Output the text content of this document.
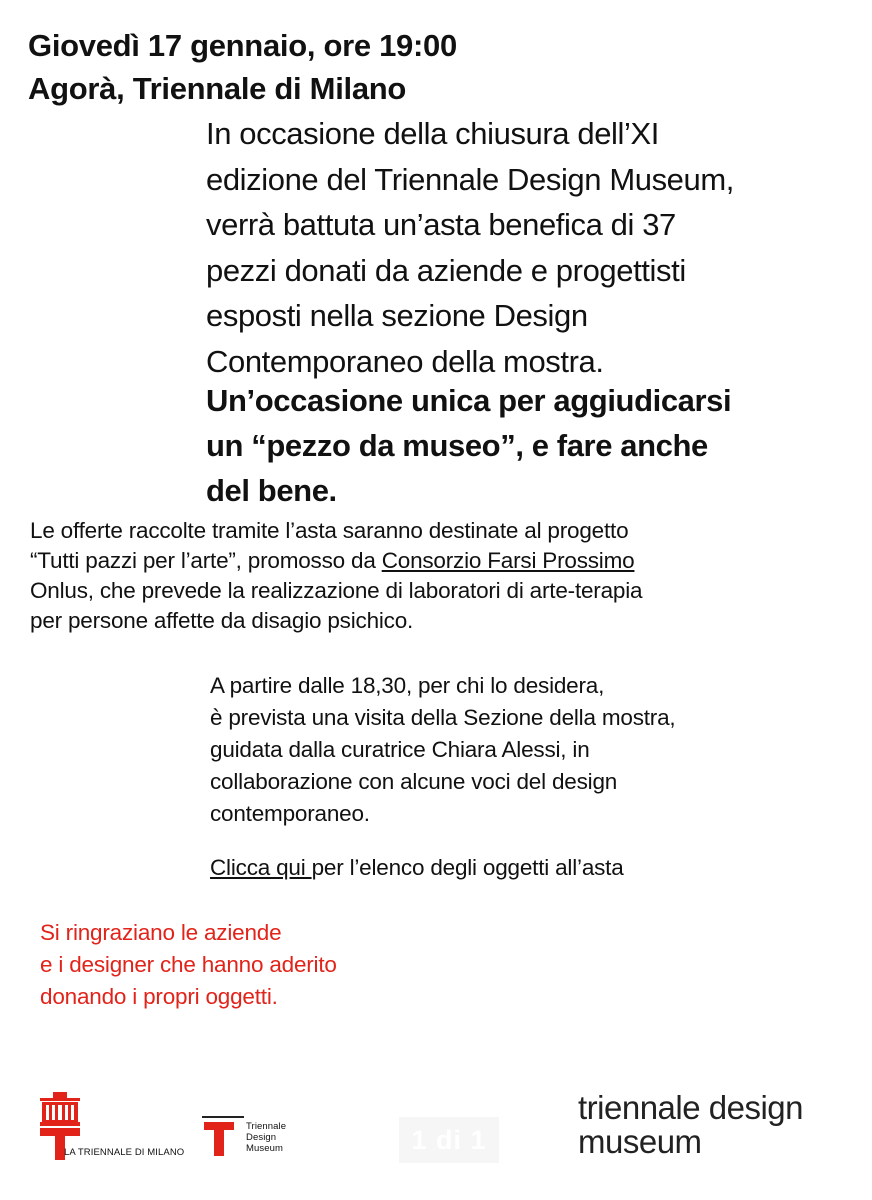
Giovedì 17 gennaio, ore 19:00
Agorà, Triennale di Milano
In occasione della chiusura dell’XI
edizione del Triennale Design Museum,
verrà battuta un’asta benefica di 37
pezzi donati da aziende e progettisti
esposti nella sezione Design
Contemporaneo della mostra.
Un’occasione unica per aggiudicarsi
un “pezzo da museo”, e fare anche
del bene.
Le offerte raccolte tramite l’asta saranno destinate al progetto
“Tutti pazzi per l’arte”, promosso da Consorzio Farsi Prossimo
Onlus, che prevede la realizzazione di laboratori di arte-terapia
per persone affette da disagio psichico.
A partire dalle 18,30, per chi lo desidera,
è prevista una visita della Sezione della mostra,
guidata dalla curatrice Chiara Alessi, in
collaborazione con alcune voci del design
contemporaneo.
Clicca qui per l’elenco degli oggetti all’asta
Si ringraziano le aziende
e i designer che hanno aderito
donando i propri oggetti.
LA TRIENNALE DI MILANO
Triennale
Design
Museum	1 di 1
triennale design
museum
